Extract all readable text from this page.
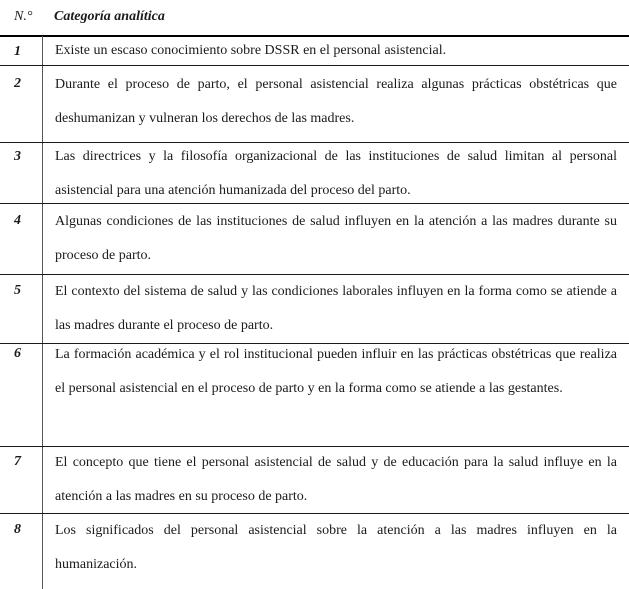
N.° Categoría analítica
1 Existe un escaso conocimiento sobre DSSR en el personal asistencial.
2 Durante el proceso de parto, el personal asistencial realiza algunas prácticas obstétricas que deshumanizan y vulneran los derechos de las madres.
3 Las directrices y la filosofía organizacional de las instituciones de salud limitan al personal asistencial para una atención humanizada del proceso del parto.
4 Algunas condiciones de las instituciones de salud influyen en la atención a las madres durante su proceso de parto.
5 El contexto del sistema de salud y las condiciones laborales influyen en la forma como se atiende a las madres durante el proceso de parto.
6 La formación académica y el rol institucional pueden influir en las prácticas obstétricas que realiza el personal asistencial en el proceso de parto y en la forma como se atiende a las gestantes.
7 El concepto que tiene el personal asistencial de salud y de educación para la salud influye en la atención a las madres en su proceso de parto.
8 Los significados del personal asistencial sobre la atención a las madres influyen en la humanización.
